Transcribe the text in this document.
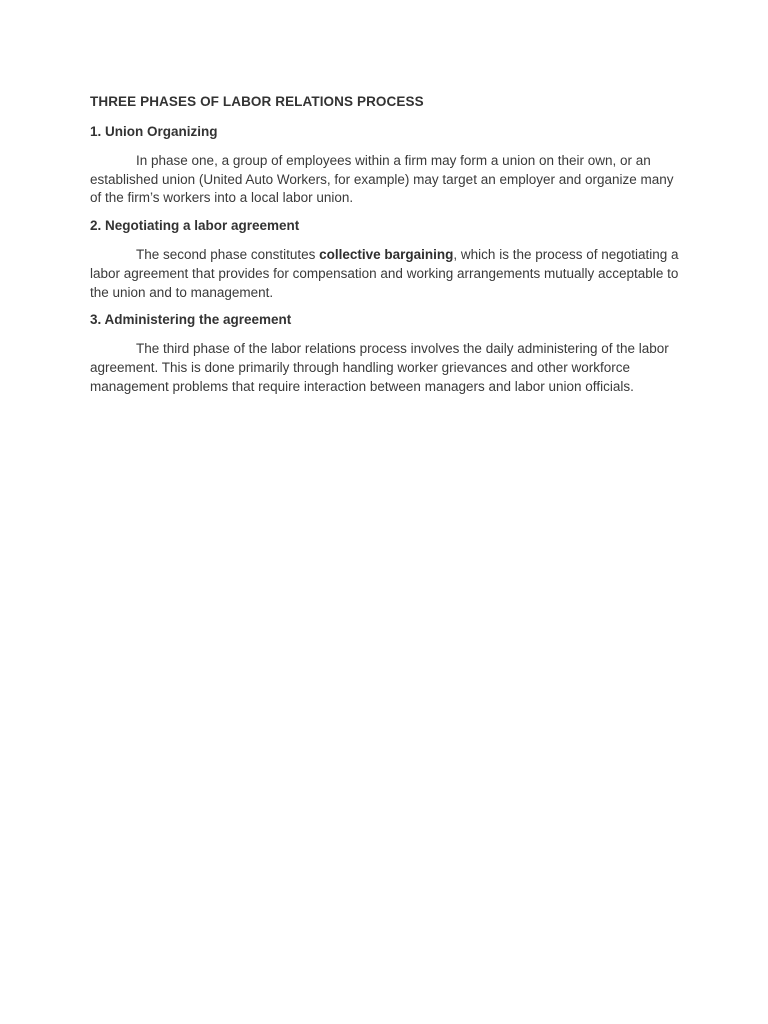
THREE PHASES OF LABOR RELATIONS PROCESS
1. Union Organizing

In phase one, a group of employees within a firm may form a union on their own, or an established union (United Auto Workers, for example) may target an employer and organize many of the firm’s workers into a local labor union.

2. Negotiating a labor agreement

The second phase constitutes collective bargaining, which is the process of negotiating a labor agreement that provides for compensation and working arrangements mutually acceptable to the union and to management.

3. Administering the agreement

The third phase of the labor relations process involves the daily administering of the labor agreement. This is done primarily through handling worker grievances and other workforce management problems that require interaction between managers and labor union officials.
